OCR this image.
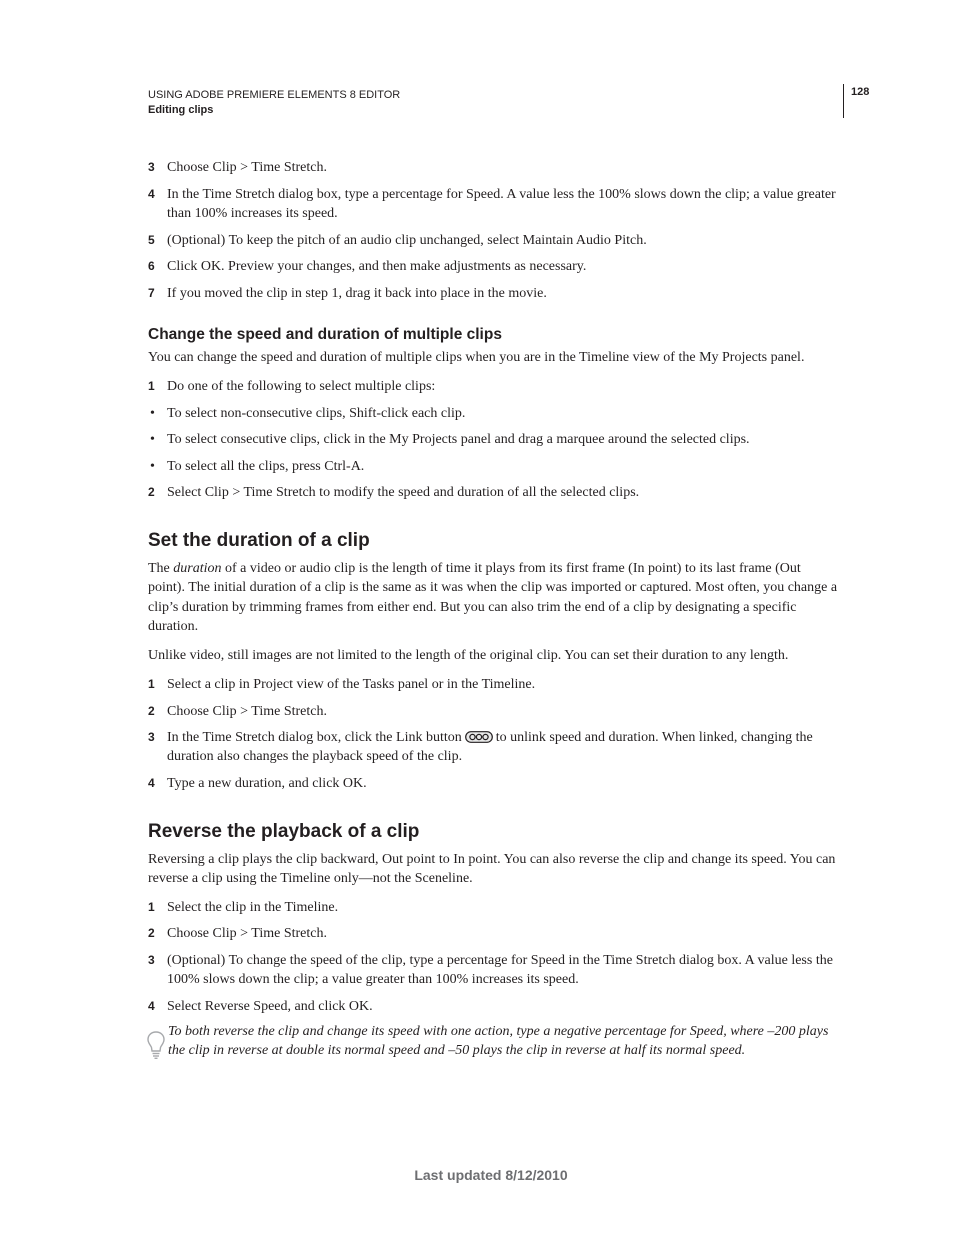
USING ADOBE PREMIERE ELEMENTS 8 EDITOR
Editing clips
128
3 Choose Clip > Time Stretch.
4 In the Time Stretch dialog box, type a percentage for Speed. A value less the 100% slows down the clip; a value greater than 100% increases its speed.
5 (Optional) To keep the pitch of an audio clip unchanged, select Maintain Audio Pitch.
6 Click OK. Preview your changes, and then make adjustments as necessary.
7 If you moved the clip in step 1, drag it back into place in the movie.
Change the speed and duration of multiple clips
You can change the speed and duration of multiple clips when you are in the Timeline view of the My Projects panel.
1 Do one of the following to select multiple clips:
• To select non-consecutive clips, Shift-click each clip.
• To select consecutive clips, click in the My Projects panel and drag a marquee around the selected clips.
• To select all the clips, press Ctrl-A.
2 Select Clip > Time Stretch to modify the speed and duration of all the selected clips.
Set the duration of a clip
The duration of a video or audio clip is the length of time it plays from its first frame (In point) to its last frame (Out point). The initial duration of a clip is the same as it was when the clip was imported or captured. Most often, you change a clip’s duration by trimming frames from either end. But you can also trim the end of a clip by designating a specific duration.
Unlike video, still images are not limited to the length of the original clip. You can set their duration to any length.
1 Select a clip in Project view of the Tasks panel or in the Timeline.
2 Choose Clip > Time Stretch.
3 In the Time Stretch dialog box, click the Link button to unlink speed and duration. When linked, changing the duration also changes the playback speed of the clip.
4 Type a new duration, and click OK.
Reverse the playback of a clip
Reversing a clip plays the clip backward, Out point to In point. You can also reverse the clip and change its speed. You can reverse a clip using the Timeline only—not the Sceneline.
1 Select the clip in the Timeline.
2 Choose Clip > Time Stretch.
3 (Optional) To change the speed of the clip, type a percentage for Speed in the Time Stretch dialog box. A value less the 100% slows down the clip; a value greater than 100% increases its speed.
4 Select Reverse Speed, and click OK.
To both reverse the clip and change its speed with one action, type a negative percentage for Speed, where –200 plays the clip in reverse at double its normal speed and –50 plays the clip in reverse at half its normal speed.
Last updated 8/12/2010
